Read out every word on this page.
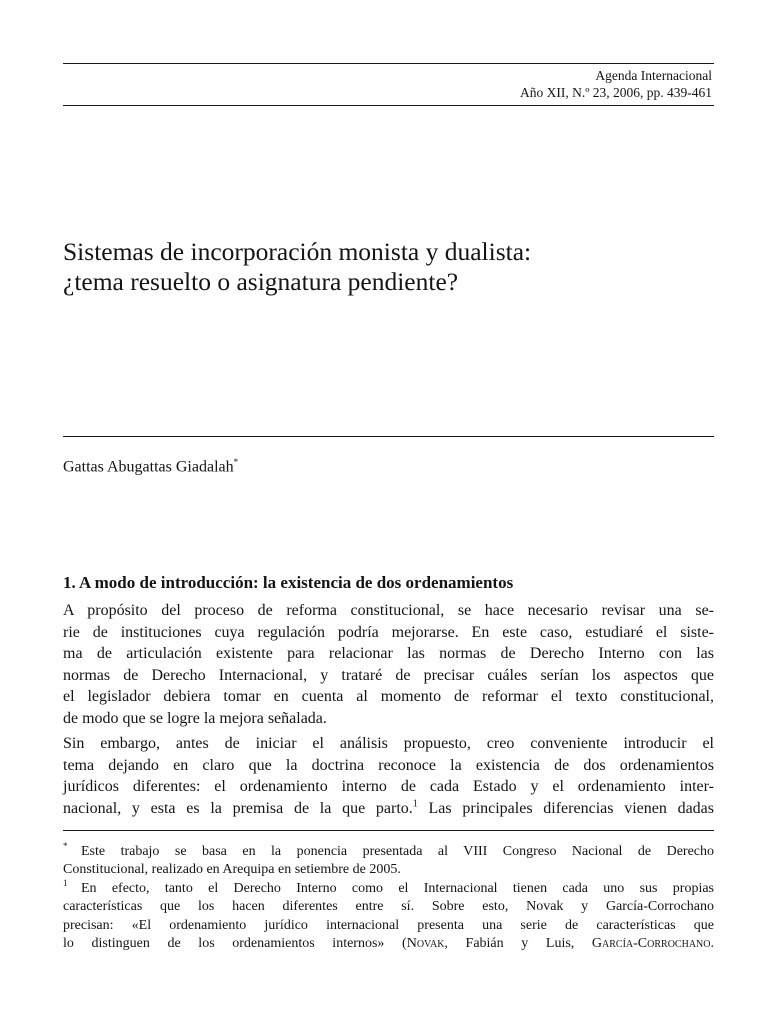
Agenda Internacional
Año XII, N.º 23, 2006, pp. 439-461
Sistemas de incorporación monista y dualista:
¿tema resuelto o asignatura pendiente?
Gattas Abugattas Giadalah*
1. A modo de introducción: la existencia de dos ordenamientos
A propósito del proceso de reforma constitucional, se hace necesario revisar una se-
rie de instituciones cuya regulación podría mejorarse. En este caso, estudiaré el siste-
ma de articulación existente para relacionar las normas de Derecho Interno con las
normas de Derecho Internacional, y trataré de precisar cuáles serían los aspectos que
el legislador debiera tomar en cuenta al momento de reformar el texto constitucional,
de modo que se logre la mejora señalada.
Sin embargo, antes de iniciar el análisis propuesto, creo conveniente introducir el
tema dejando en claro que la doctrina reconoce la existencia de dos ordenamientos
jurídicos diferentes: el ordenamiento interno de cada Estado y el ordenamiento inter-
nacional, y esta es la premisa de la que parto.$^1$ Las principales diferencias vienen dadas
* Este trabajo se basa en la ponencia presentada al VIII Congreso Nacional de Derecho
Constitucional, realizado en Arequipa en setiembre de 2005.
1 En efecto, tanto el Derecho Interno como el Internacional tienen cada uno sus propias
características que los hacen diferentes entre sí. Sobre esto, Novak y García-Corrochano
precisan: «El ordenamiento jurídico internacional presenta una serie de características que
lo distinguen de los ordenamientos internos» (Novak, Fabián y Luis, García-Corrochano.
